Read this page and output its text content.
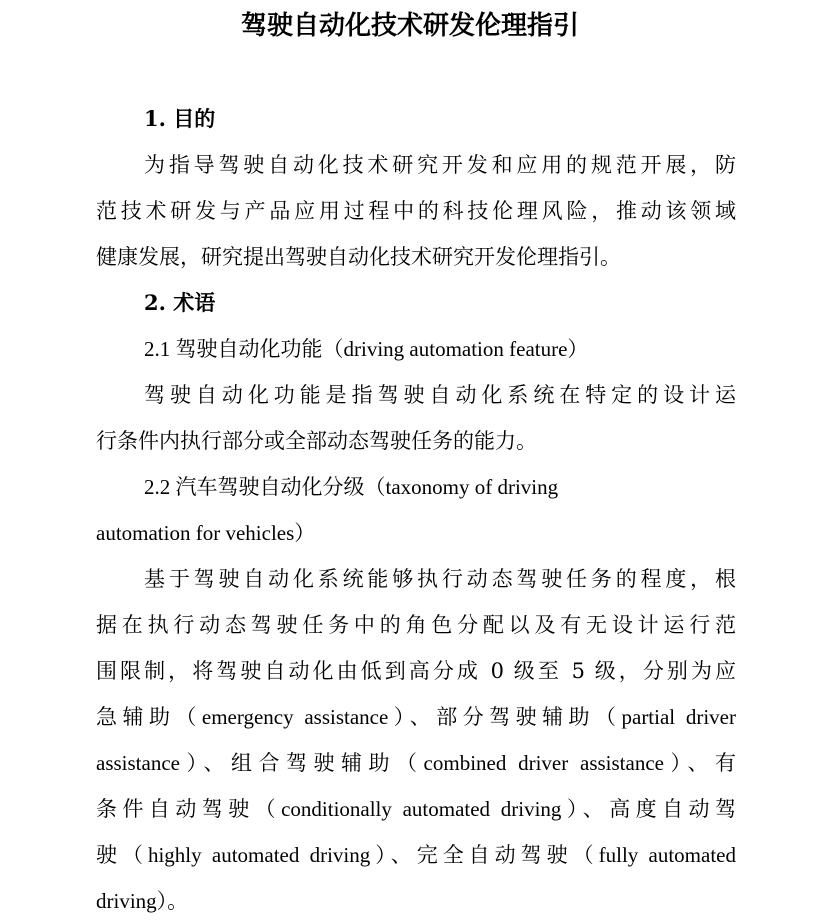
驾驶自动化技术研发伦理指引

1. 目的

为指导驾驶自动化技术研究开发和应用的规范开展，防

范技术研发与产品应用过程中的科技伦理风险，推动该领域

健康发展，研究提出驾驶自动化技术研究开发伦理指引。

2. 术语

2.1 驾驶自动化功能（driving automation feature）

驾驶自动化功能是指驾驶自动化系统在特定的设计运

行条件内执行部分或全部动态驾驶任务的能力。

2.2 汽车驾驶自动化分级（taxonomy of driving

automation for vehicles）

基于驾驶自动化系统能够执行动态驾驶任务的程度，根

据在执行动态驾驶任务中的角色分配以及有无设计运行范

围限制，将驾驶自动化由低到高分成 0 级至 5 级，分别为应

急辅助（emergency assistance）、部分驾驶辅助（partial driver

assistance）、组合驾驶辅助（combined driver assistance）、有

条件自动驾驶（conditionally automated driving）、高度自动驾

驶（highly automated driving）、完全自动驾驶（fully automated

driving）。
